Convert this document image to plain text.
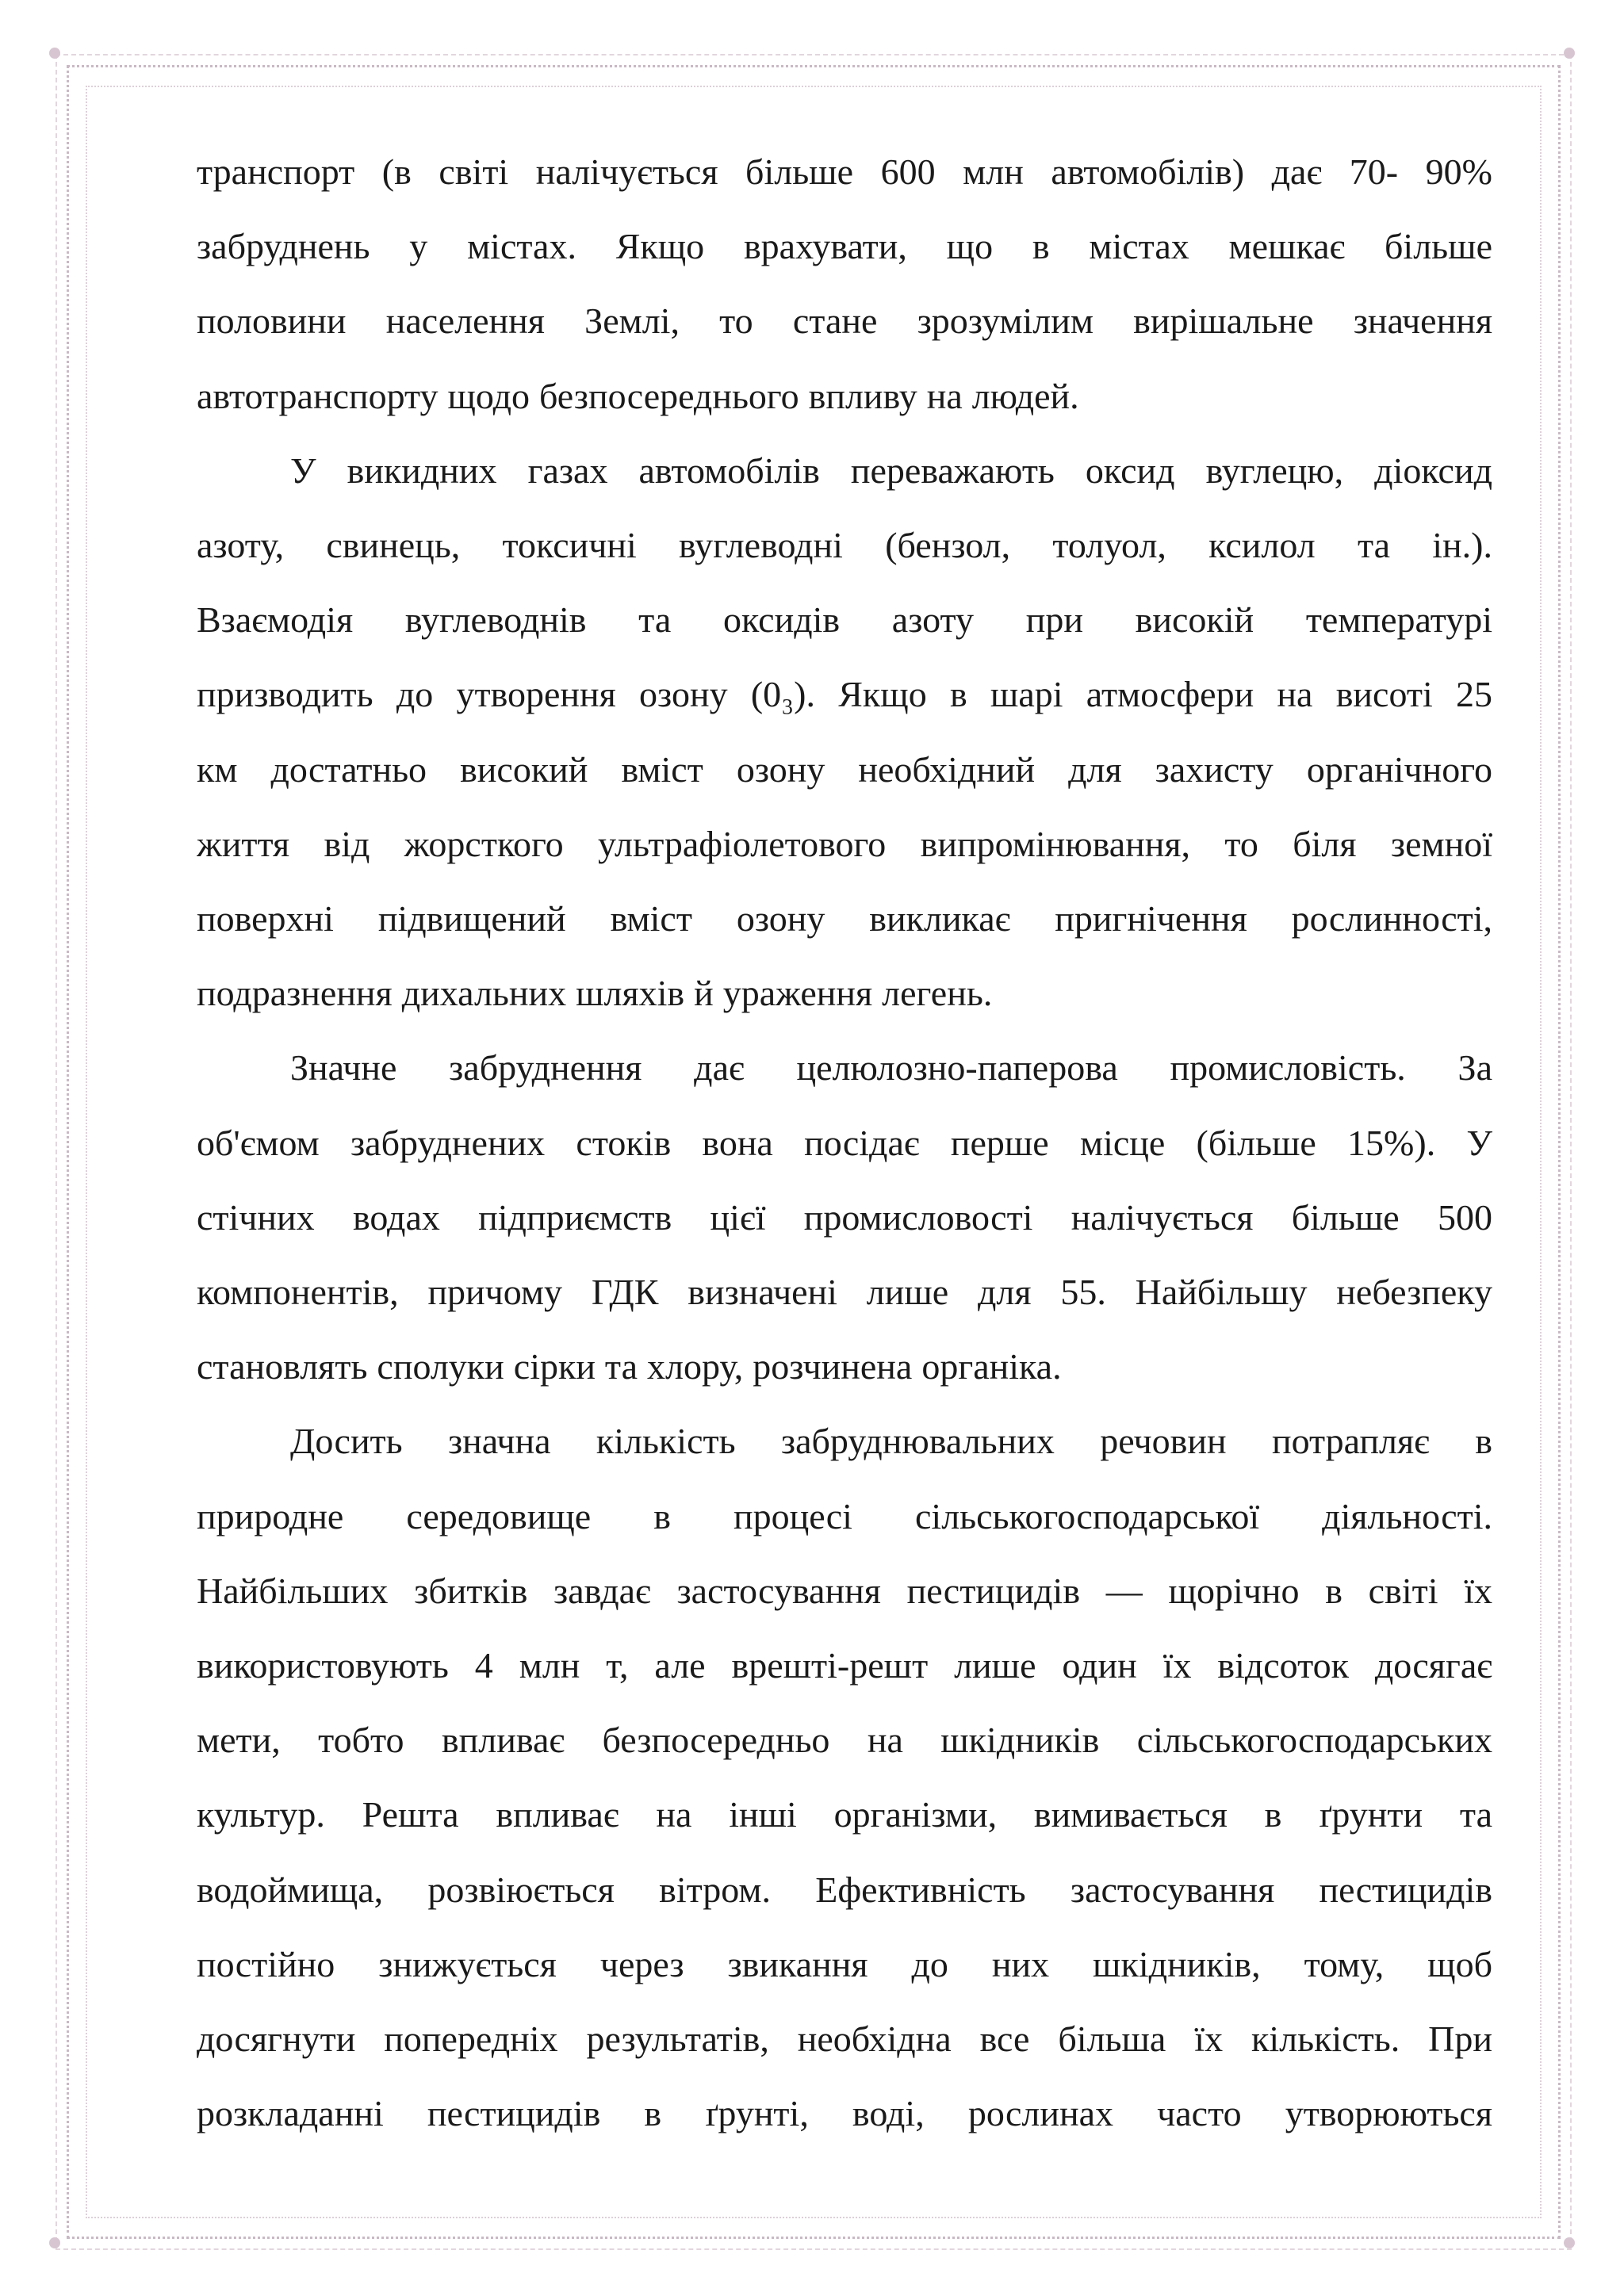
транспорт (в світі налічується більше 600 млн автомобілів) дає 70- 90%
забруднень у містах. Якщо врахувати, що в містах мешкає більше
половини населення Землі, то стане зрозумілим вирішальне значення
автотранспорту щодо безпосереднього впливу на людей.
У викидних газах автомобілів переважають оксид вуглецю, діоксид
азоту, свинець, токсичні вуглеводні (бензол, толуол, ксилол та ін.).
Взаємодія вуглеводнів та оксидів азоту при високій температурі
призводить до утворення озону (0₃). Якщо в шарі атмосфери на висоті 25
км достатньо високий вміст озону необхідний для захисту органічного
життя від жорсткого ультрафіолетового випромінювання, то біля земної
поверхні підвищений вміст озону викликає пригнічення рослинності,
подразнення дихальних шляхів й ураження легень.
Значне забруднення дає целюлозно-паперова промисловість. За
об'ємом забруднених стоків вона посідає перше місце (більше 15%). У
стічних водах підприємств цієї промисловості налічується більше 500
компонентів, причому ГДК визначені лише для 55. Найбільшу небезпеку
становлять сполуки сірки та хлору, розчинена органіка.
Досить значна кількість забруднювальних речовин потрапляє в
природне середовище в процесі сільськогосподарської діяльності.
Найбільших збитків завдає застосування пестицидів — щорічно в світі їх
використовують 4 млн т, але врешті-решт лише один їх відсоток досягає
мети, тобто впливає безпосередньо на шкідників сільськогосподарських
культур. Решта впливає на інші організми, вимивається в ґрунти та
водоймища, розвіюється вітром. Ефективність застосування пестицидів
постійно знижується через звикання до них шкідників, тому, щоб
досягнути попередніх результатів, необхідна все більша їх кількість. При
розкладанні пестицидів в ґрунті, воді, рослинах часто утворюються
